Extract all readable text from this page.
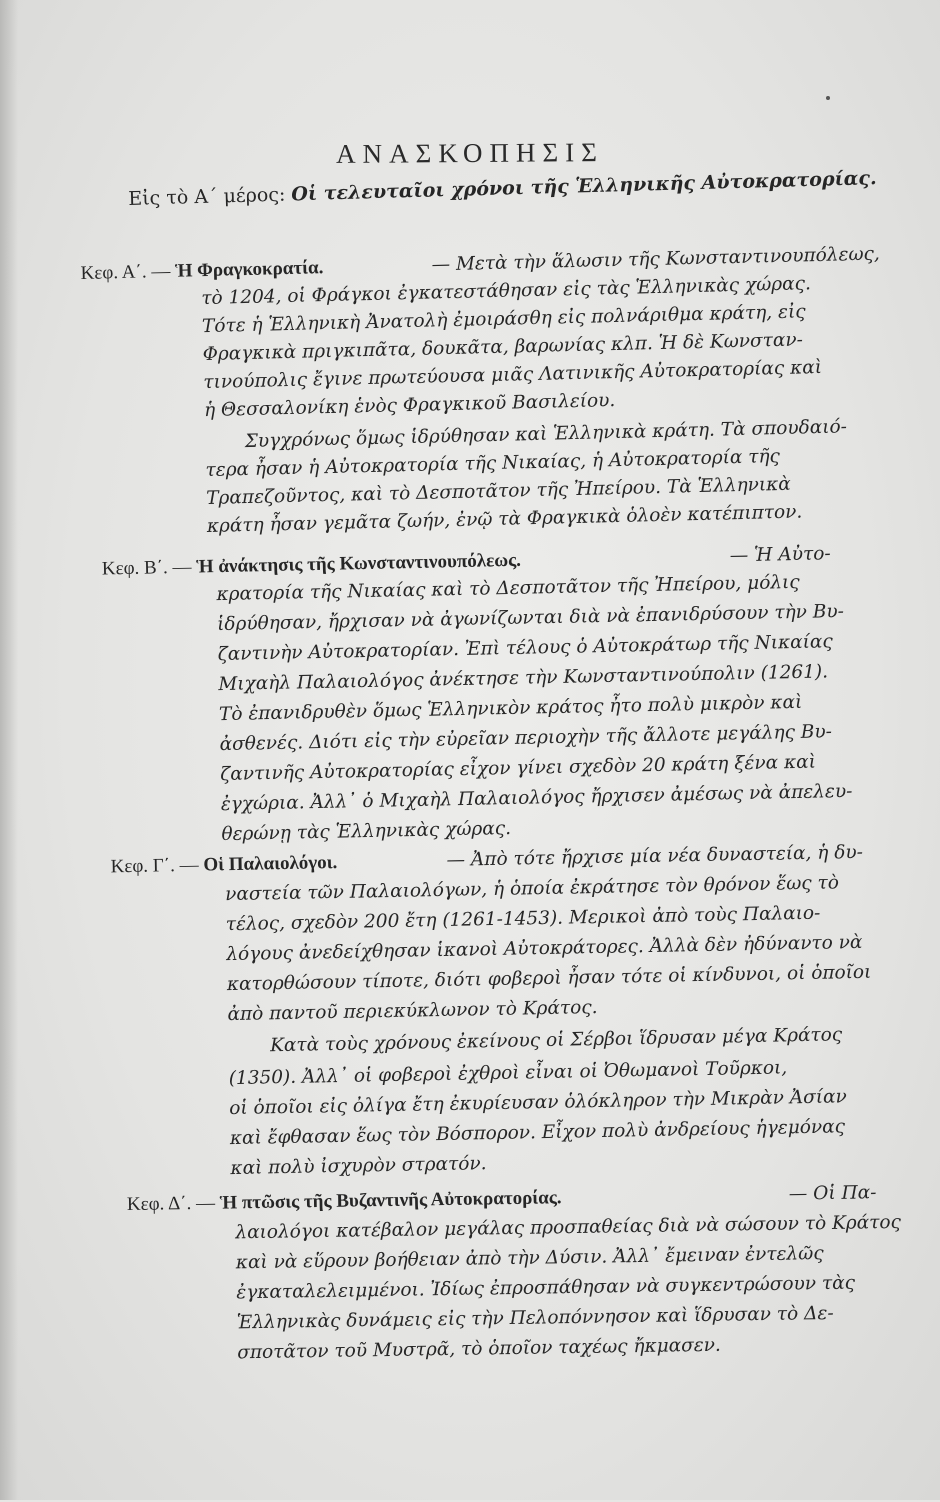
ΑΝΑΣΚΟΠΗΣΙΣ
Εἰς τὸ Α΄ μέρος: Οἱ τελευταῖοι χρόνοι τῆς Ἑλληνικῆς Αὐτοκρατορίας.
Κεφ. Α΄. — Ἡ Φραγκοκρατία.	— Μετὰ τὴν ἅλωσιν τῆς Κωνσταντινουπόλεως,
τὸ 1204, οἱ Φράγκοι ἐγκατεστάθησαν εἰς τὰς Ἑλληνικὰς χώρας.
Τότε ἡ Ἑλληνικὴ Ἀνατολὴ ἐμοιράσθη εἰς πολνάριθμα κράτη, εἰς
Φραγκικὰ πριγκιπᾶτα, δουκᾶτα, βαρωνίας κλπ. Ἡ δὲ Κωνσταν-
τινούπολις ἔγινε πρωτεύουσα μιᾶς Λατινικῆς Αὐτοκρατορίας καὶ
ἡ Θεσσαλονίκη ἑνὸς Φραγκικοῦ Βασιλείου.
Συγχρόνως ὅμως ἱδρύθησαν καὶ Ἑλληνικὰ κράτη. Τὰ σπουδαιό-
τερα ἦσαν ἡ Αὐτοκρατορία τῆς Νικαίας, ἡ Αὐτοκρατορία τῆς
Τραπεζοῦντος, καὶ τὸ Δεσποτᾶτον τῆς Ἠπείρου. Τὰ Ἑλληνικὰ
κράτη ἦσαν γεμᾶτα ζωήν, ἐνῷ τὰ Φραγκικὰ ὁλοὲν κατέπιπτον.
Κεφ. Β΄. — Ἡ ἀνάκτησις τῆς Κωνσταντινουπόλεως.	— Ἡ Αὐτο-
κρατορία τῆς Νικαίας καὶ τὸ Δεσποτᾶτον τῆς Ἠπείρου, μόλις
ἱδρύθησαν, ἤρχισαν νὰ ἀγωνίζωνται διὰ νὰ ἐπανιδρύσουν τὴν Βυ-
ζαντινὴν Αὐτοκρατορίαν. Ἐπὶ τέλους ὁ Αὐτοκράτωρ τῆς Νικαίας
Μιχαὴλ Παλαιολόγος ἀνέκτησε τὴν Κωνσταντινούπολιν (1261).
Τὸ ἐπανιδρυθὲν ὅμως Ἑλληνικὸν κράτος ἦτο πολὺ μικρὸν καὶ
ἀσθενές. Διότι εἰς τὴν εὐρεῖαν περιοχὴν τῆς ἄλλοτε μεγάλης Βυ-
ζαντινῆς Αὐτοκρατορίας εἶχον γίνει σχεδὸν 20 κράτη ξένα καὶ
ἐγχώρια. Ἀλλ᾽ ὁ Μιχαὴλ Παλαιολόγος ἤρχισεν ἀμέσως νὰ ἀπελευ-
θερώνῃ τὰς Ἑλληνικὰς χώρας.
Κεφ. Γ΄. — Οἱ Παλαιολόγοι.	— Ἀπὸ τότε ἤρχισε μία νέα δυναστεία, ἡ δυ-
ναστεία τῶν Παλαιολόγων, ἡ ὁποία ἐκράτησε τὸν θρόνον ἕως τὸ
τέλος, σχεδὸν 200 ἔτη (1261-1453). Μερικοὶ ἀπὸ τοὺς Παλαιο-
λόγους ἀνεδείχθησαν ἱκανοὶ Αὐτοκράτορες. Ἀλλὰ δὲν ἠδύναντο νὰ
κατορθώσουν τίποτε, διότι φοβεροὶ ἦσαν τότε οἱ κίνδυνοι, οἱ ὁποῖοι
ἀπὸ παντοῦ περιεκύκλωνον τὸ Κράτος.
Κατὰ τοὺς χρόνους ἐκείνους οἱ Σέρβοι ἵδρυσαν μέγα Κράτος
(1350). Ἀλλ᾽ οἱ φοβεροὶ ἐχθροὶ εἶναι οἱ Ὀθωμανοὶ Τοῦρκοι,
οἱ ὁποῖοι εἰς ὀλίγα ἔτη ἐκυρίευσαν ὁλόκληρον τὴν Μικρὰν Ἀσίαν
καὶ ἔφθασαν ἕως τὸν Βόσπορον. Εἶχον πολὺ ἀνδρείους ἡγεμόνας
καὶ πολὺ ἰσχυρὸν στρατόν.
Κεφ. Δ΄. — Ἡ πτῶσις τῆς Βυζαντινῆς Αὐτοκρατορίας.	— Οἱ Πα-
λαιολόγοι κατέβαλον μεγάλας προσπαθείας διὰ νὰ σώσουν τὸ Κράτος
καὶ νὰ εὕρουν βοήθειαν ἀπὸ τὴν Δύσιν. Ἀλλ᾽ ἔμειναν ἐντελῶς
ἐγκαταλελειμμένοι. Ἰδίως ἐπροσπάθησαν νὰ συγκεντρώσουν τὰς
Ἑλληνικὰς δυνάμεις εἰς τὴν Πελοπόννησον καὶ ἵδρυσαν τὸ Δε-
σποτᾶτον τοῦ Μυστρᾶ, τὸ ὁποῖον ταχέως ἤκμασεν.
